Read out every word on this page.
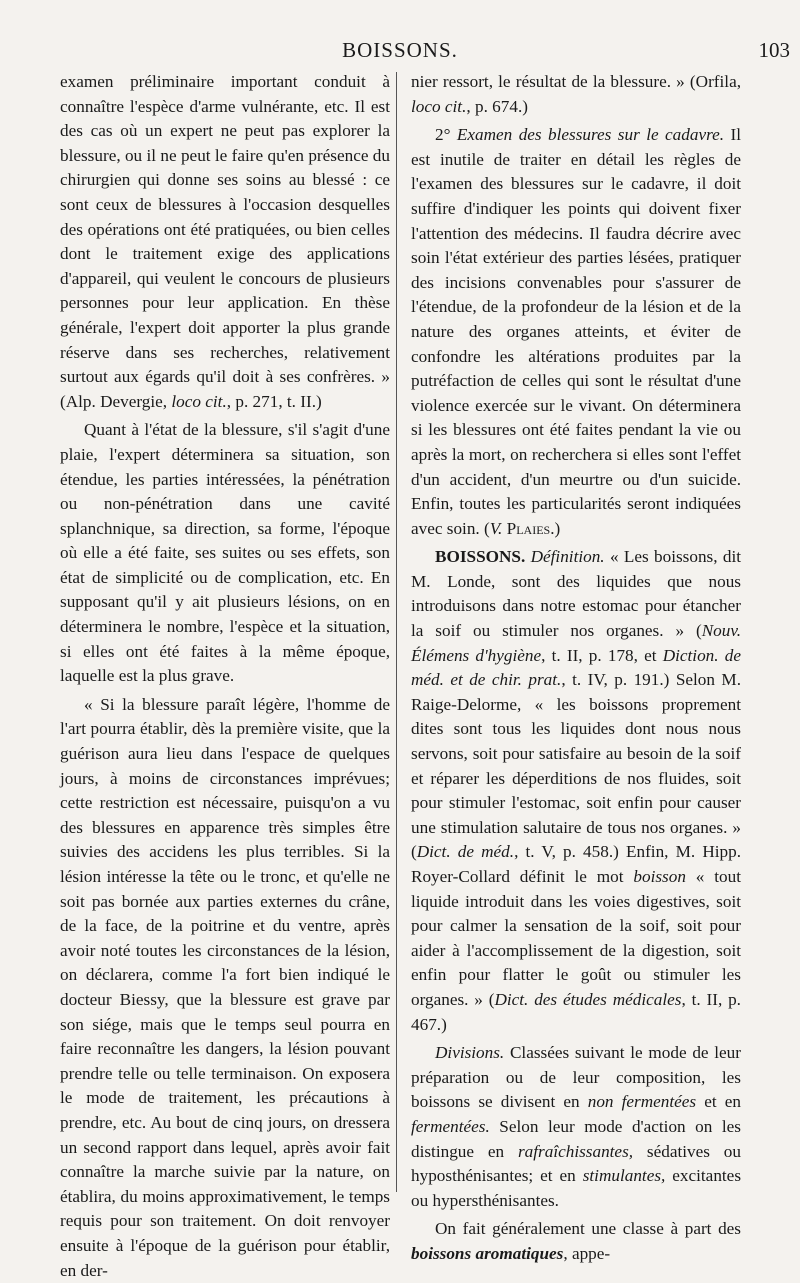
BOISSONS.	103

examen préliminaire important conduit à connaître l'espèce d'arme vulnérante, etc. Il est des cas où un expert ne peut pas explorer la blessure, ou il ne peut le faire qu'en présence du chirurgien qui donne ses soins au blessé : ce sont ceux de blessures à l'occasion desquelles des opérations ont été pratiquées, ou bien celles dont le traitement exige des applications d'appareil, qui veulent le concours de plusieurs personnes pour leur application. En thèse générale, l'expert doit apporter la plus grande réserve dans ses recherches, relativement surtout aux égards qu'il doit à ses confrères. » (Alp. Devergie, loco cit., p. 271, t. II.)

Quant à l'état de la blessure, s'il s'agit d'une plaie, l'expert déterminera sa situation, son étendue, les parties intéressées, la pénétration ou non-pénétration dans une cavité splanchnique, sa direction, sa forme, l'époque où elle a été faite, ses suites ou ses effets, son état de simplicité ou de complication, etc. En supposant qu'il y ait plusieurs lésions, on en déterminera le nombre, l'espèce et la situation, si elles ont été faites à la même époque, laquelle est la plus grave.

« Si la blessure paraît légère, l'homme de l'art pourra établir, dès la première visite, que la guérison aura lieu dans l'espace de quelques jours, à moins de circonstances imprévues; cette restriction est nécessaire, puisqu'on a vu des blessures en apparence très simples être suivies des accidens les plus terribles. Si la lésion intéresse la tête ou le tronc, et qu'elle ne soit pas bornée aux parties externes du crâne, de la face, de la poitrine et du ventre, après avoir noté toutes les circonstances de la lésion, on déclarera, comme l'a fort bien indiqué le docteur Biessy, que la blessure est grave par son siége, mais que le temps seul pourra en faire reconnaître les dangers, la lésion pouvant prendre telle ou telle terminaison. On exposera le mode de traitement, les précautions à prendre, etc. Au bout de cinq jours, on dressera un second rapport dans lequel, après avoir fait connaître la marche suivie par la nature, on établira, du moins approximativement, le temps requis pour son traitement. On doit renvoyer ensuite à l'époque de la guérison pour établir, en der-

nier ressort, le résultat de la blessure. » (Orfila, loco cit., p. 674.)

2° Examen des blessures sur le cadavre. Il est inutile de traiter en détail les règles de l'examen des blessures sur le cadavre, il doit suffire d'indiquer les points qui doivent fixer l'attention des médecins. Il faudra décrire avec soin l'état extérieur des parties lésées, pratiquer des incisions convenables pour s'assurer de l'étendue, de la profondeur de la lésion et de la nature des organes atteints, et éviter de confondre les altérations produites par la putréfaction de celles qui sont le résultat d'une violence exercée sur le vivant. On déterminera si les blessures ont été faites pendant la vie ou après la mort, on recherchera si elles sont l'effet d'un accident, d'un meurtre ou d'un suicide. Enfin, toutes les particularités seront indiquées avec soin. (V. Plaies.)

BOISSONS. Définition. « Les boissons, dit M. Londe, sont des liquides que nous introduisons dans notre estomac pour étancher la soif ou stimuler nos organes. » (Nouv. Élémens d'hygiène, t. II, p. 178, et Diction. de méd. et de chir. prat., t. IV, p. 191.) Selon M. Raige-Delorme, « les boissons proprement dites sont tous les liquides dont nous nous servons, soit pour satisfaire au besoin de la soif et réparer les déperditions de nos fluides, soit pour stimuler l'estomac, soit enfin pour causer une stimulation salutaire de tous nos organes. » (Dict. de méd., t. V, p. 458.) Enfin, M. Hipp. Royer-Collard définit le mot boisson « tout liquide introduit dans les voies digestives, soit pour calmer la sensation de la soif, soit pour aider à l'accomplissement de la digestion, soit enfin pour flatter le goût ou stimuler les organes. » (Dict. des études médicales, t. II, p. 467.)

Divisions. Classées suivant le mode de leur préparation ou de leur composition, les boissons se divisent en non fermentées et en fermentées. Selon leur mode d'action on les distingue en rafraîchissantes, sédatives ou hyposthénisantes; et en stimulantes, excitantes ou hypersthénisantes.

On fait généralement une classe à part des boissons aromatiques, appe-
